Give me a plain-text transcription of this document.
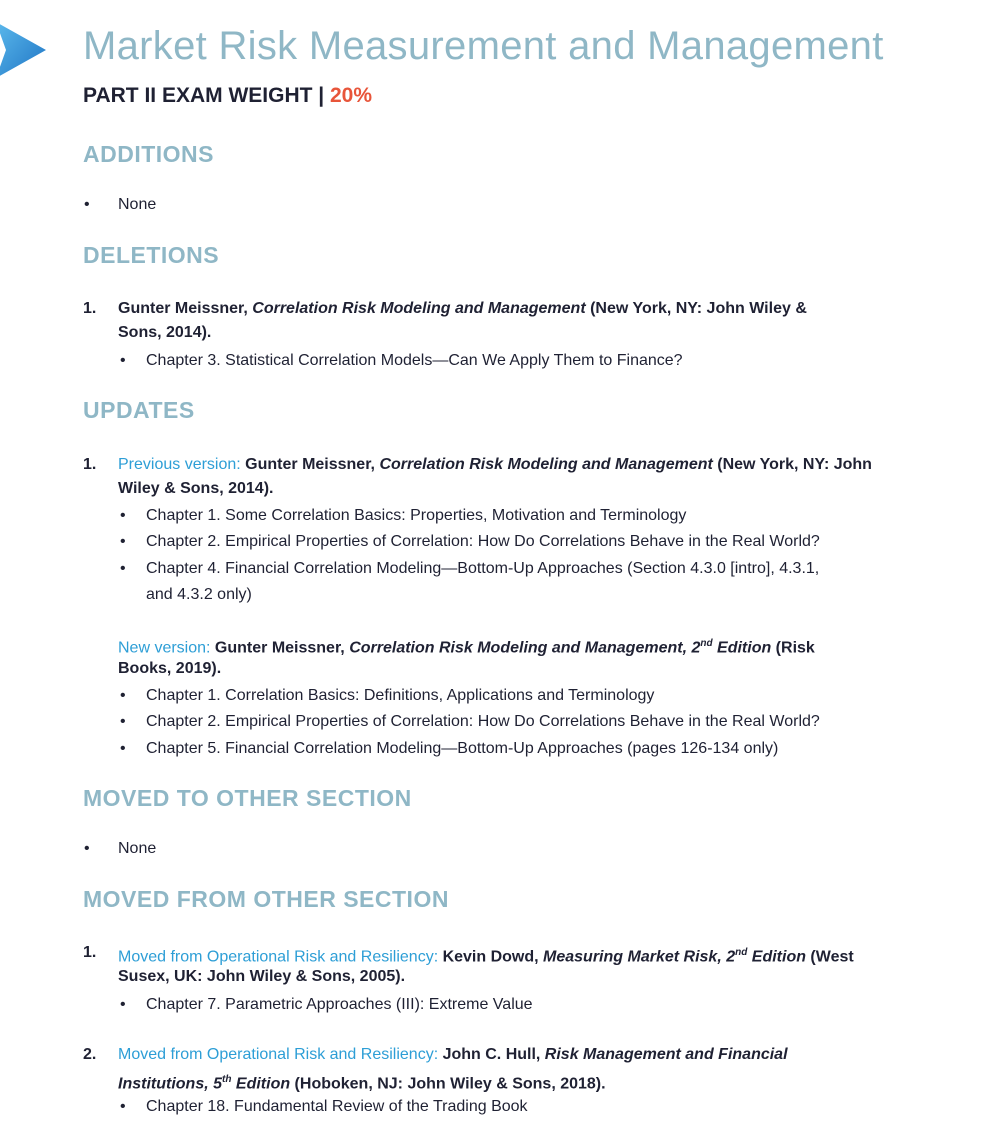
Market Risk Measurement and Management
PART II EXAM WEIGHT | 20%
ADDITIONS
• None
DELETIONS
1. Gunter Meissner, Correlation Risk Modeling and Management (New York, NY: John Wiley &
Sons, 2014).
• Chapter 3. Statistical Correlation Models—Can We Apply Them to Finance?
UPDATES
1. Previous version: Gunter Meissner, Correlation Risk Modeling and Management (New York, NY: John
Wiley & Sons, 2014).
• Chapter 1. Some Correlation Basics: Properties, Motivation and Terminology
• Chapter 2. Empirical Properties of Correlation: How Do Correlations Behave in the Real World?
• Chapter 4. Financial Correlation Modeling—Bottom-Up Approaches (Section 4.3.0 [intro], 4.3.1,
and 4.3.2 only)
New version: Gunter Meissner, Correlation Risk Modeling and Management, 2nd Edition (Risk
Books, 2019).
• Chapter 1. Correlation Basics: Definitions, Applications and Terminology
• Chapter 2. Empirical Properties of Correlation: How Do Correlations Behave in the Real World?
• Chapter 5. Financial Correlation Modeling—Bottom-Up Approaches (pages 126-134 only)
MOVED TO OTHER SECTION
• None
MOVED FROM OTHER SECTION
1. Moved from Operational Risk and Resiliency: Kevin Dowd, Measuring Market Risk, 2nd Edition (West
Susex, UK: John Wiley & Sons, 2005).
• Chapter 7. Parametric Approaches (III): Extreme Value
2. Moved from Operational Risk and Resiliency: John C. Hull, Risk Management and Financial
Institutions, 5th Edition (Hoboken, NJ: John Wiley & Sons, 2018).
• Chapter 18. Fundamental Review of the Trading Book
